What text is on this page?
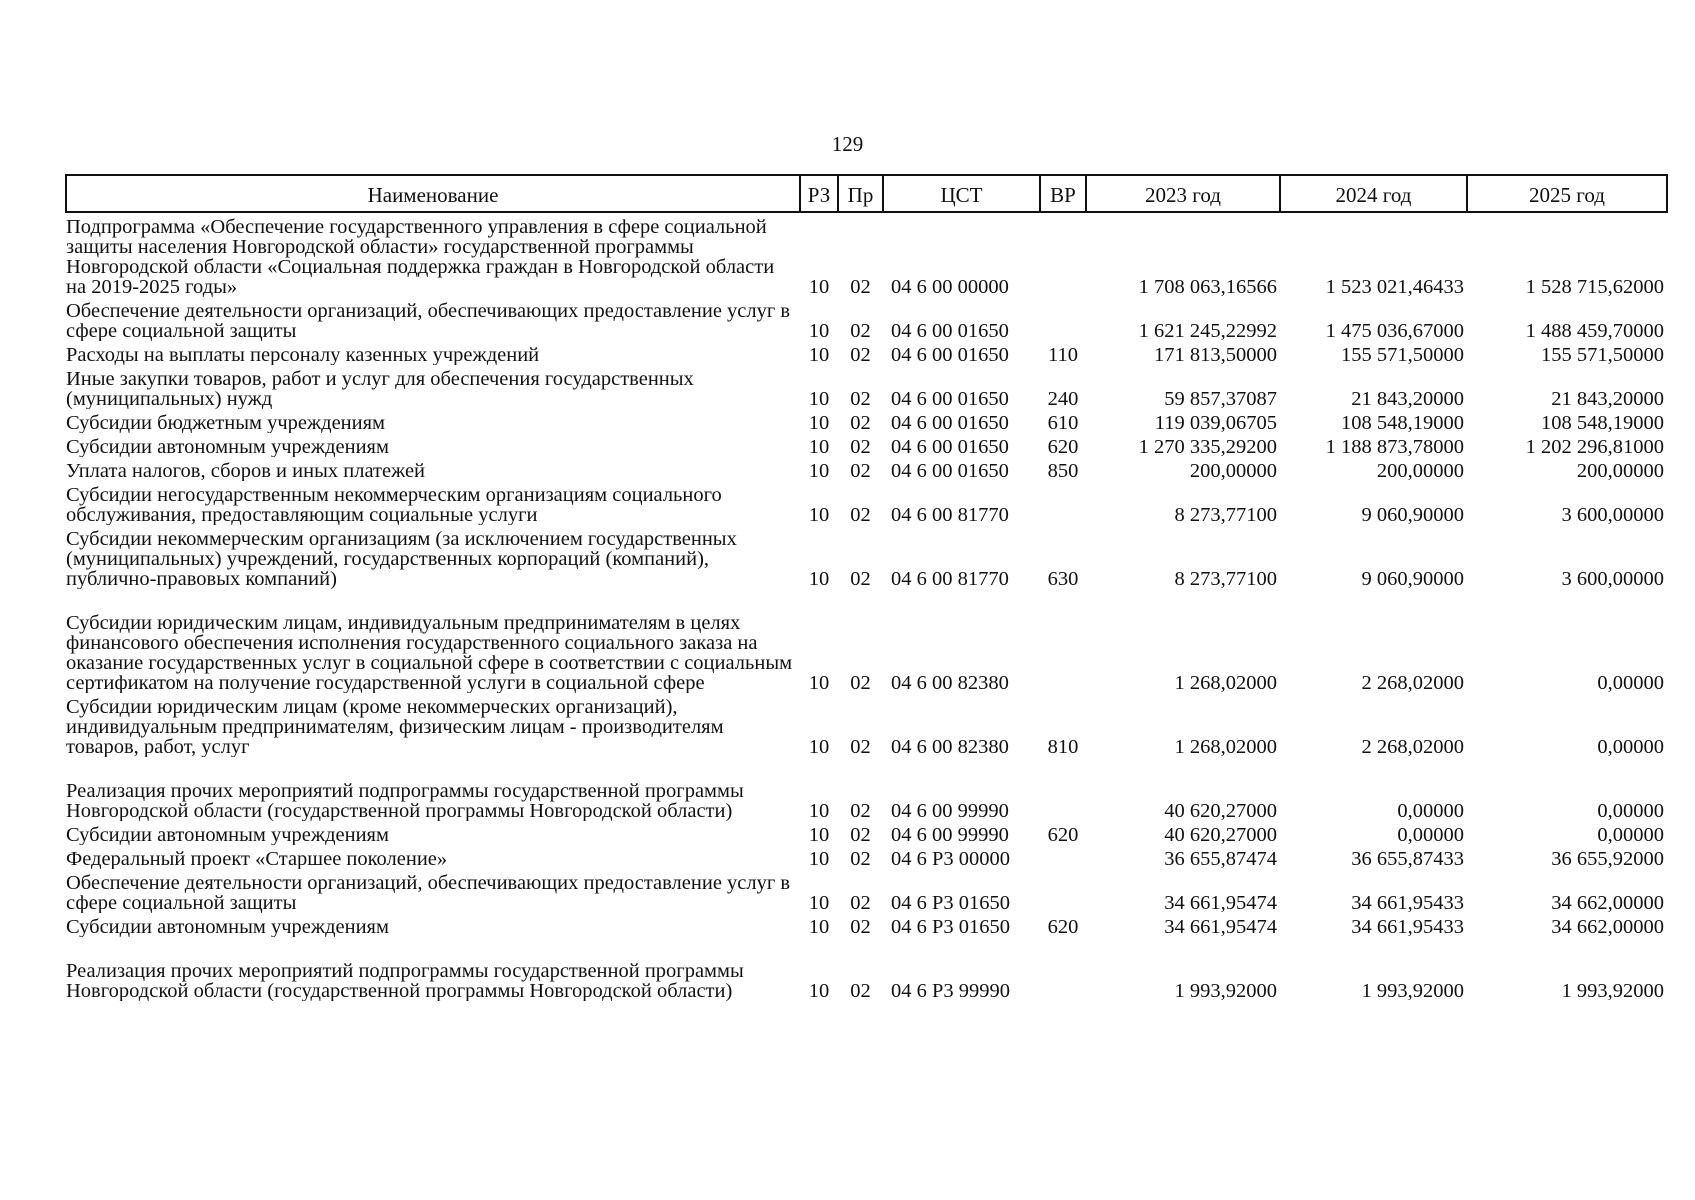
129
Наименование	РЗ	Пр	ЦСТ	ВР	2023 год	2024 год	2025 год
Подпрограмма «Обеспечение государственного управления в сфере социальной защиты населения Новгородской области» государственной программы Новгородской области «Социальная поддержка граждан в Новгородской области на 2019-2025 годы»	10	02	04 6 00 00000		1 708 063,16566	1 523 021,46433	1 528 715,62000
Обеспечение деятельности организаций, обеспечивающих предоставление услуг в сфере социальной защиты	10	02	04 6 00 01650		1 621 245,22992	1 475 036,67000	1 488 459,70000
Расходы на выплаты персоналу казенных учреждений	10	02	04 6 00 01650	110	171 813,50000	155 571,50000	155 571,50000
Иные закупки товаров, работ и услуг для обеспечения государственных (муниципальных) нужд	10	02	04 6 00 01650	240	59 857,37087	21 843,20000	21 843,20000
Субсидии бюджетным учреждениям	10	02	04 6 00 01650	610	119 039,06705	108 548,19000	108 548,19000
Субсидии автономным учреждениям	10	02	04 6 00 01650	620	1 270 335,29200	1 188 873,78000	1 202 296,81000
Уплата налогов, сборов и иных платежей	10	02	04 6 00 01650	850	200,00000	200,00000	200,00000
Субсидии негосударственным некоммерческим организациям социального обслуживания, предоставляющим социальные услуги	10	02	04 6 00 81770		8 273,77100	9 060,90000	3 600,00000
Субсидии некоммерческим организациям (за исключением государственных (муниципальных) учреждений, государственных корпораций (компаний), публично-правовых компаний)	10	02	04 6 00 81770	630	8 273,77100	9 060,90000	3 600,00000
Субсидии юридическим лицам, индивидуальным предпринимателям в целях финансового обеспечения исполнения государственного социального заказа на оказание государственных услуг в социальной сфере в соответствии с социальным сертификатом на получение государственной услуги в социальной сфере	10	02	04 6 00 82380		1 268,02000	2 268,02000	0,00000
Субсидии юридическим лицам (кроме некоммерческих организаций), индивидуальным предпринимателям, физическим лицам - производителям товаров, работ, услуг	10	02	04 6 00 82380	810	1 268,02000	2 268,02000	0,00000
Реализация прочих мероприятий подпрограммы государственной программы Новгородской области (государственной программы Новгородской области)	10	02	04 6 00 99990		40 620,27000	0,00000	0,00000
Субсидии автономным учреждениям	10	02	04 6 00 99990	620	40 620,27000	0,00000	0,00000
Федеральный проект «Старшее поколение»	10	02	04 6 P3 00000		36 655,87474	36 655,87433	36 655,92000
Обеспечение деятельности организаций, обеспечивающих предоставление услуг в сфере социальной защиты	10	02	04 6 P3 01650		34 661,95474	34 661,95433	34 662,00000
Субсидии автономным учреждениям	10	02	04 6 P3 01650	620	34 661,95474	34 661,95433	34 662,00000
Реализация прочих мероприятий подпрограммы государственной программы Новгородской области (государственной программы Новгородской области)	10	02	04 6 P3 99990		1 993,92000	1 993,92000	1 993,92000
